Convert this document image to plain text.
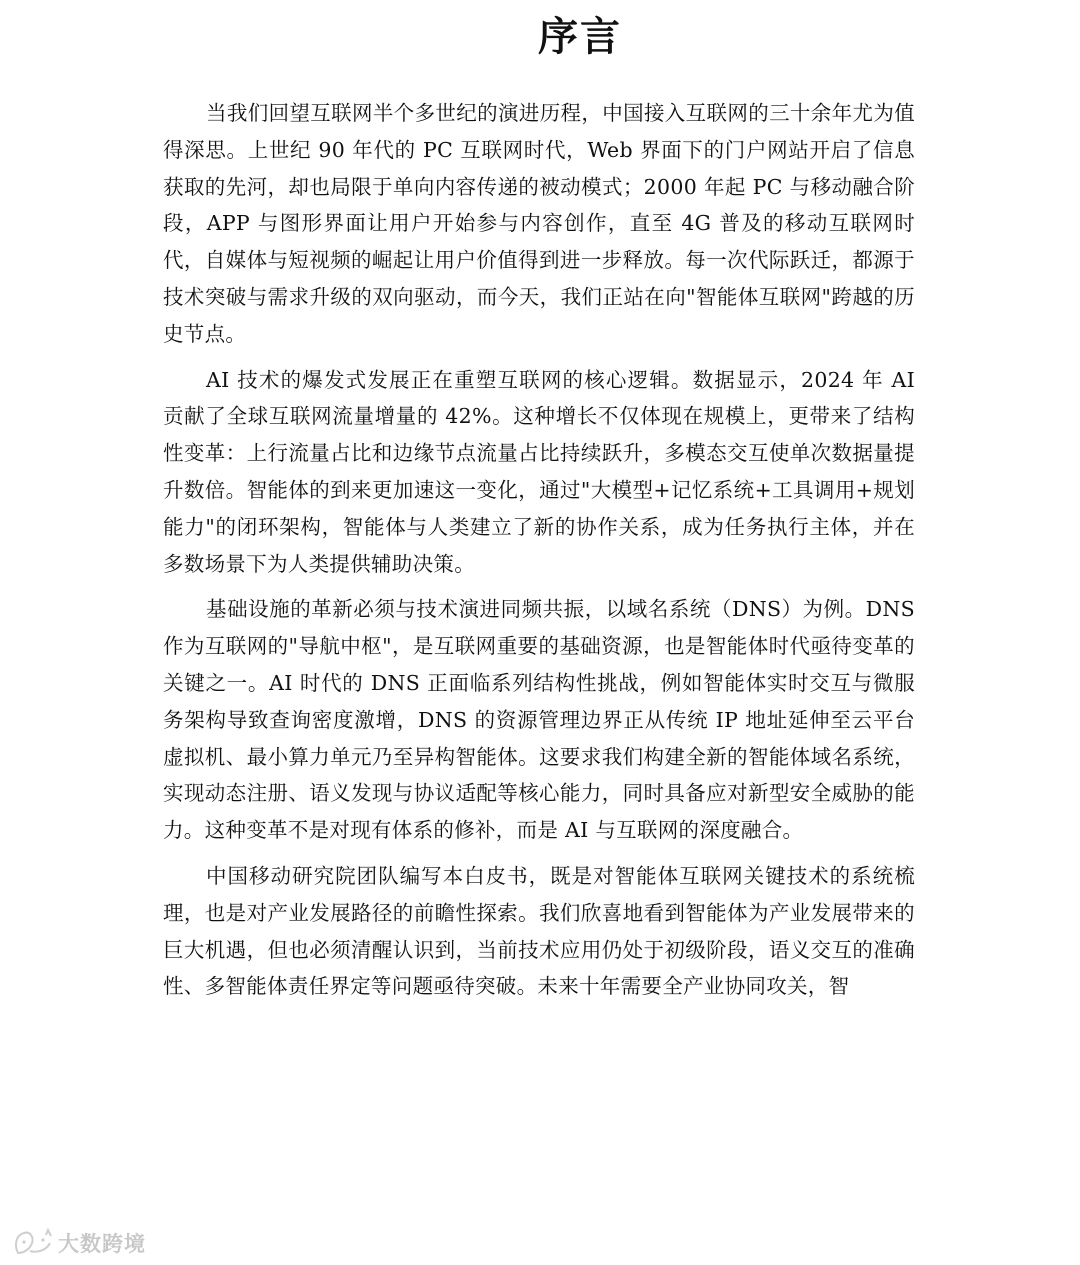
序言

当我们回望互联网半个多世纪的演进历程，中国接入互联网的三十余年尤为值得深思。上世纪 90 年代的 PC 互联网时代，Web 界面下的门户网站开启了信息获取的先河，却也局限于单向内容传递的被动模式；2000 年起 PC 与移动融合阶段，APP 与图形界面让用户开始参与内容创作，直至 4G 普及的移动互联网时代，自媒体与短视频的崛起让用户价值得到进一步释放。每一次代际跃迁，都源于技术突破与需求升级的双向驱动，而今天，我们正站在向"智能体互联网"跨越的历史节点。

AI 技术的爆发式发展正在重塑互联网的核心逻辑。数据显示，2024 年 AI 贡献了全球互联网流量增量的 42%。这种增长不仅体现在规模上，更带来了结构性变革：上行流量占比和边缘节点流量占比持续跃升，多模态交互使单次数据量提升数倍。智能体的到来更加速这一变化，通过"大模型+记忆系统+工具调用+规划能力"的闭环架构，智能体与人类建立了新的协作关系，成为任务执行主体，并在多数场景下为人类提供辅助决策。

基础设施的革新必须与技术演进同频共振，以域名系统（DNS）为例。DNS 作为互联网的"导航中枢"，是互联网重要的基础资源，也是智能体时代亟待变革的关键之一。AI 时代的 DNS 正面临系列结构性挑战，例如智能体实时交互与微服务架构导致查询密度激增，DNS 的资源管理边界正从传统 IP 地址延伸至云平台虚拟机、最小算力单元乃至异构智能体。这要求我们构建全新的智能体域名系统，实现动态注册、语义发现与协议适配等核心能力，同时具备应对新型安全威胁的能力。这种变革不是对现有体系的修补，而是 AI 与互联网的深度融合。

中国移动研究院团队编写本白皮书，既是对智能体互联网关键技术的系统梳理，也是对产业发展路径的前瞻性探索。我们欣喜地看到智能体为产业发展带来的巨大机遇，但也必须清醒认识到，当前技术应用仍处于初级阶段，语义交互的准确性、多智能体责任界定等问题亟待突破。未来十年需要全产业协同攻关，智

大数跨境
